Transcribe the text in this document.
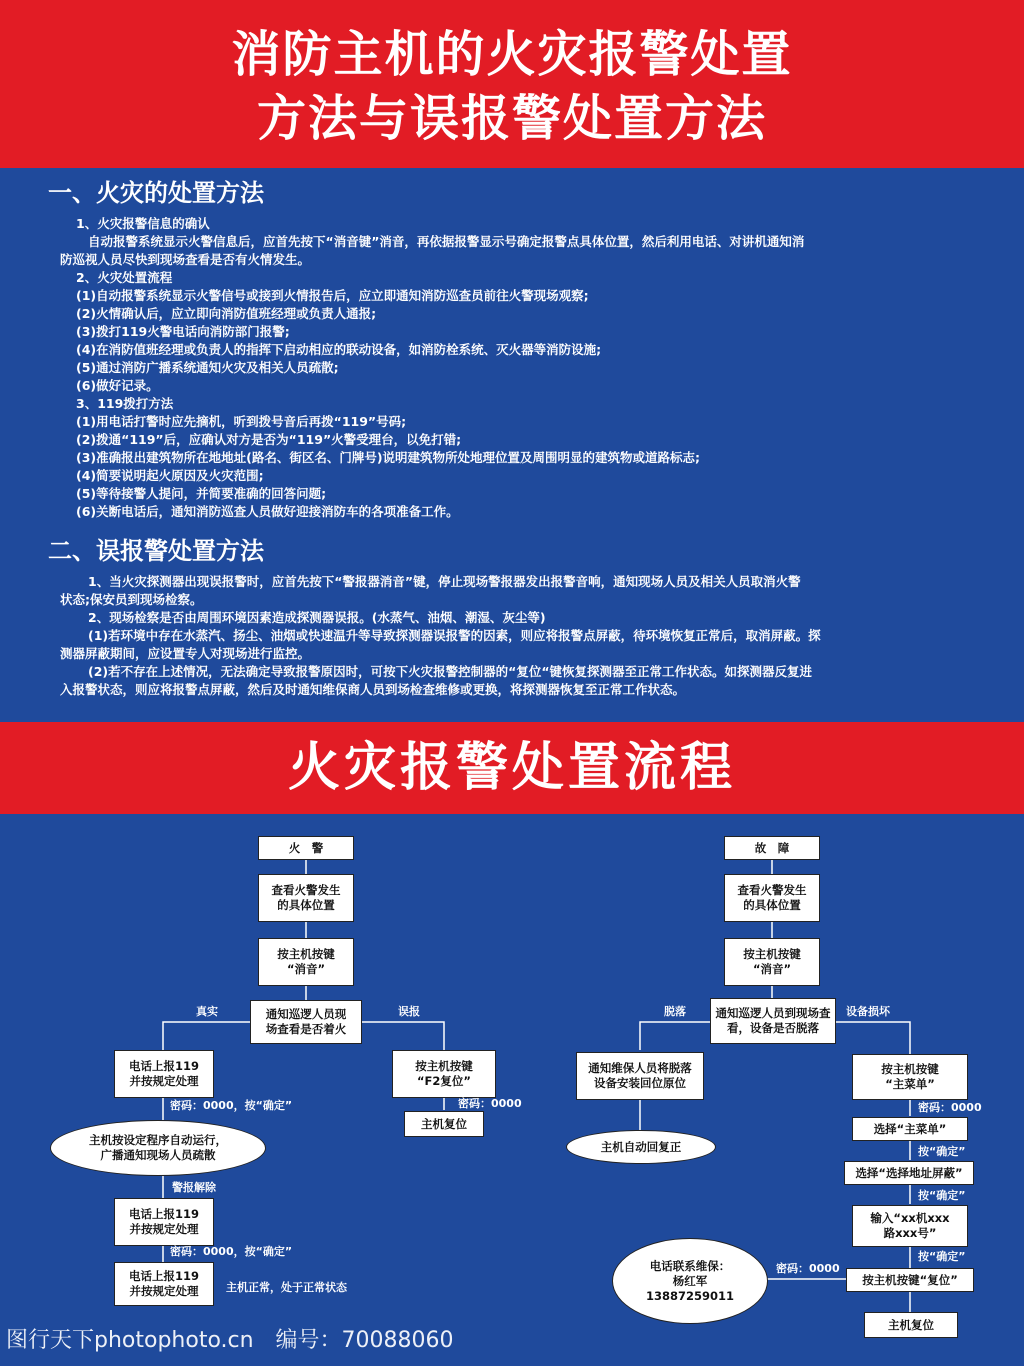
消防主机的火灾报警处置
方法与误报警处置方法
一、火灾的处置方法
1、火灾报警信息的确认
自动报警系统显示火警信息后，应首先按下“消音键”消音，再依据报警显示号确定报警点具体位置，然后利用电话、对讲机通知消
防巡视人员尽快到现场查看是否有火情发生。
2、火灾处置流程
(1)自动报警系统显示火警信号或接到火情报告后，应立即通知消防巡查员前往火警现场观察;
(2)火情确认后，应立即向消防值班经理或负责人通报;
(3)拨打119火警电话向消防部门报警;
(4)在消防值班经理或负责人的指挥下启动相应的联动设备，如消防栓系统、灭火器等消防设施;
(5)通过消防广播系统通知火灾及相关人员疏散;
(6)做好记录。
3、119拨打方法
(1)用电话打警时应先摘机，听到拨号音后再拨“119”号码;
(2)拨通“119”后，应确认对方是否为“119”火警受理台，以免打错;
(3)准确报出建筑物所在地地址(路名、街区名、门牌号)说明建筑物所处地理位置及周围明显的建筑物或道路标志;
(4)简要说明起火原因及火灾范围;
(5)等待接警人提问，并简要准确的回答问题;
(6)关断电话后，通知消防巡查人员做好迎接消防车的各项准备工作。
二、误报警处置方法
1、当火灾探测器出现误报警时，应首先按下“警报器消音”键，停止现场警报器发出报警音响，通知现场人员及相关人员取消火警
状态;保安员到现场检察。
2、现场检察是否由周围环境因素造成探测器误报。(水蒸气、油烟、潮湿、灰尘等)
(1)若环境中存在水蒸汽、扬尘、油烟或快速温升等导致探测器误报警的因素，则应将报警点屏蔽，待环境恢复正常后，取消屏蔽。探
测器屏蔽期间，应设置专人对现场进行监控。
(2)若不存在上述情况，无法确定导致报警原因时，可按下火灾报警控制器的“复位“键恢复探测器至正常工作状态。如探测器反复进
入报警状态，则应将报警点屏蔽，然后及时通知维保商人员到场检查维修或更换，将探测器恢复至正常工作状态。
火灾报警处置流程
火　警
查看火警发生
的具体位置
按主机按键
“消音”
真实	误报
通知巡逻人员现
场查看是否着火
电话上报119
并按规定处理
密码：0000，按“确定”
主机按设定程序自动运行，
广播通知现场人员疏散
警报解除
电话上报119
并按规定处理
密码：0000，按“确定”
电话上报119
并按规定处理	主机正常，处于正常状态
按主机按键
“F2复位”
密码：0000
主机复位
故　障
查看火警发生
的具体位置
按主机按键
“消音”
脱落	设备损坏
通知巡逻人员到现场查
看，设备是否脱落
通知维保人员将脱落
设备安装回位原位
主机自动回复正
按主机按键
“主菜单”
密码：0000
选择“主菜单”
按“确定”
选择“选择地址屏蔽”
按“确定”
输入“xx机xxx
路xxx号”
按“确定”
按主机按键“复位”
密码：0000
电话联系维保：
杨红军
13887259011
主机复位
图行天下photophoto.cn　编号：70088060
